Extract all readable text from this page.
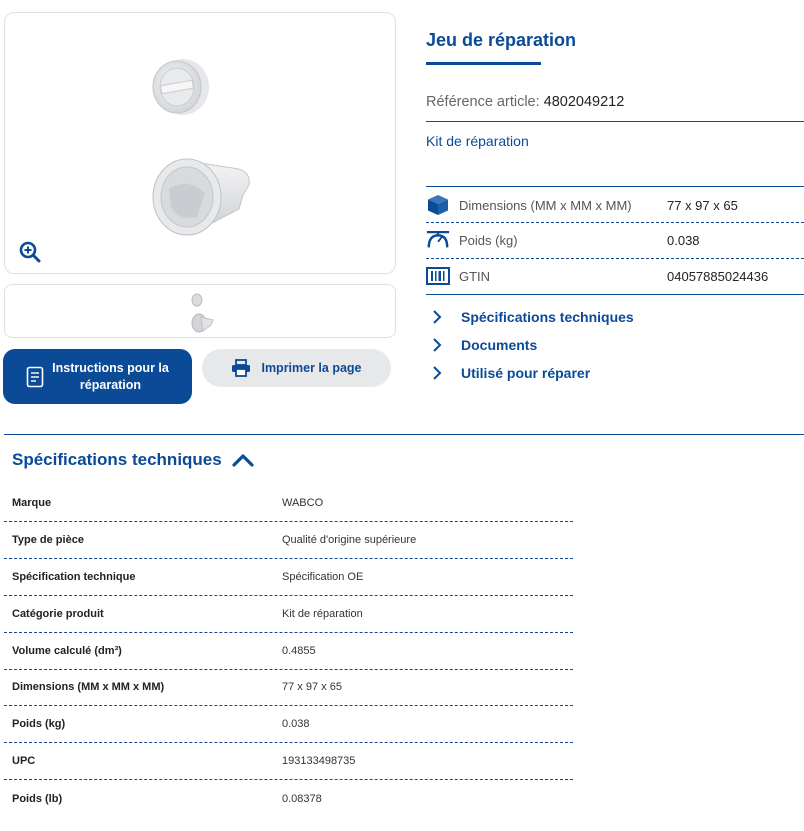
Instructions pour la réparation
Imprimer la page
Jeu de réparation
Référence article: 4802049212
Kit de réparation
Dimensions (MM x MM x MM)	77 x 97 x 65
Poids (kg)	0.038
GTIN	04057885024436
Spécifications techniques
Documents
Utilisé pour réparer
Spécifications techniques
Marque	WABCO
Type de pièce	Qualité d'origine supérieure
Spécification technique	Spécification OE
Catégorie produit	Kit de réparation
Volume calculé (dm³)	0.4855
Dimensions (MM x MM x MM)	77 x 97 x 65
Poids (kg)	0.038
UPC	193133498735
Poids (lb)	0.08378
